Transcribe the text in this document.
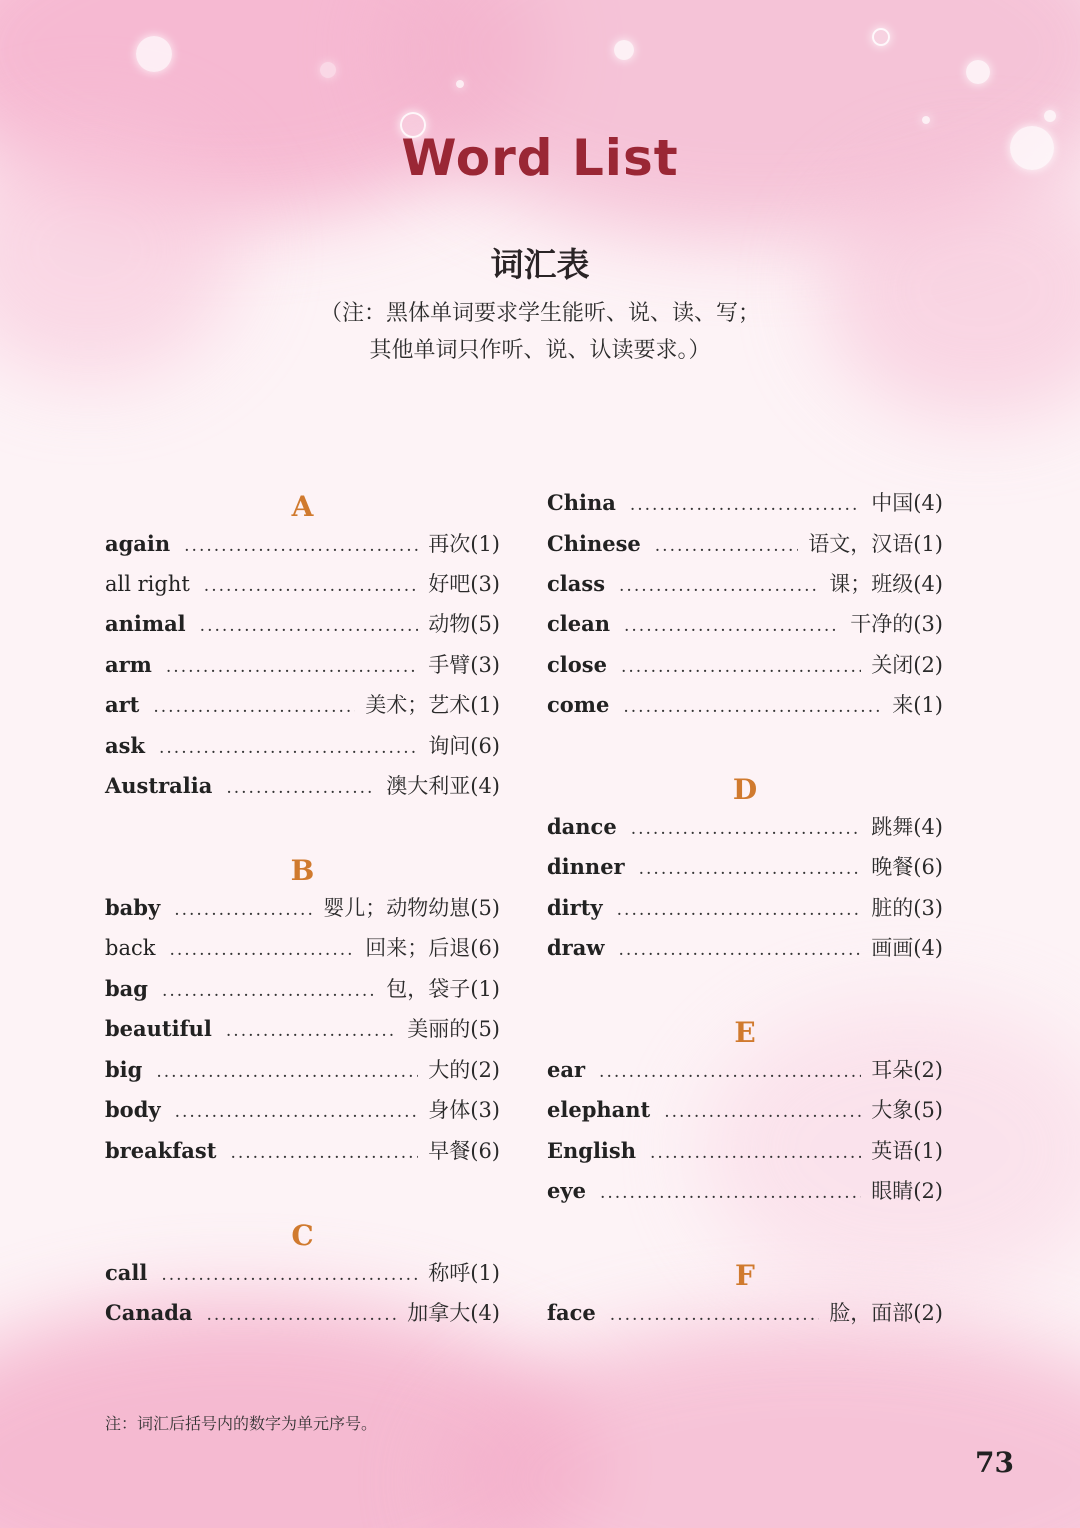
Word List
词汇表
（注：黑体单词要求学生能听、说、读、写；
其他单词只作听、说、认读要求。）
A
again .....	再次(1)
all right .....	好吧(3)
animal .....	动物(5)
arm .....	手臂(3)
art .....	美术；艺术(1)
ask .....	询问(6)
Australia .....	澳大利亚(4)
B
baby .....	婴儿；动物幼崽(5)
back .....	回来；后退(6)
bag .....	包，袋子(1)
beautiful .....	美丽的(5)
big .....	大的(2)
body .....	身体(3)
breakfast .....	早餐(6)
C
call .....	称呼(1)
Canada .....	加拿大(4)
China .....	中国(4)
Chinese .....	语文，汉语(1)
class .....	课；班级(4)
clean .....	干净的(3)
close .....	关闭(2)
come .....	来(1)
D
dance .....	跳舞(4)
dinner .....	晚餐(6)
dirty .....	脏的(3)
draw .....	画画(4)
E
ear .....	耳朵(2)
elephant .....	大象(5)
English .....	英语(1)
eye .....	眼睛(2)
F
face .....	脸，面部(2)
注：词汇后括号内的数字为单元序号。
73
